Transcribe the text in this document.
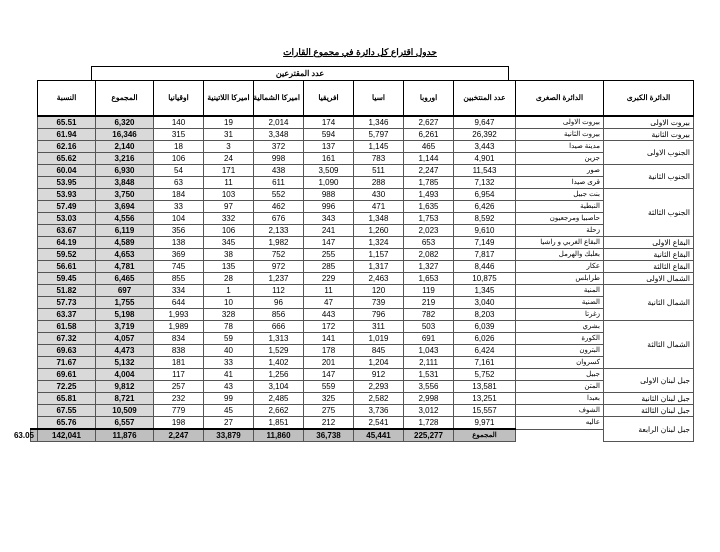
جدول اقتراع كل دائرة في مجموع القارات
عدد المقترعين
الدائرة الكبرى	الدائرة الصغرى	عدد المنتخبين	اوروبا	اسيا	افريقيا	اميركا الشمالية	اميركا اللاتينية	اوقيانيا	المجموع	النسبة	
بيروت الاولى	بيروت الاولى	9,647	2,627	1,346	174	2,014	19	140	6,320	65.51	
بيروت الثانية	بيروت الثانية	26,392	6,261	5,797	594	3,348	31	315	16,346	61.94	
الجنوب الاولى	مدينة صيدا	3,443	465	1,145	137	372	3	18	2,140	62.16	
	جزين	4,901	1,144	783	161	998	24	106	3,216	65.62	
الجنوب الثانية	صور	11,543	2,247	511	3,509	438	171	54	6,930	60.04	
	قرى صيدا	7,132	1,785	288	1,090	611	11	63	3,848	53.95	
الجنوب الثالثة	بنت جبيل	6,954	1,493	430	988	552	103	184	3,750	53.93	
	النبطية	6,426	1,635	471	996	462	97	33	3,694	57.49	
	حاصبيا ومرجعيون	8,592	1,753	1,348	343	676	332	104	4,556	53.03	
	زحلة	9,610	2,023	1,260	241	2,133	106	356	6,119	63.67	
البقاع الاولى	البقاع الغربي و راشيا	7,149	653	1,324	147	1,982	345	138	4,589	64.19	
البقاع الثانية	بعلبك والهرمل	7,817	2,082	1,157	255	752	38	369	4,653	59.52	
البقاع الثالثة	عكار	8,446	1,327	1,317	285	972	135	745	4,781	56.61	
الشمال الاولى	طرابلس	10,875	1,653	2,463	229	1,237	28	855	6,465	59.45	
الشمال الثانية	المنية	1,345	119	120	11	112	1	334	697	51.82	
	الضنية	3,040	219	739	47	96	10	644	1,755	57.73	
	زغرتا	8,203	782	796	443	856	328	1,993	5,198	63.37	
الشمال الثالثة	بشري	6,039	503	311	172	666	78	1,989	3,719	61.58	
	الكورة	6,026	691	1,019	141	1,313	59	834	4,057	67.32	
	البترون	6,424	1,043	845	178	1,529	40	838	4,473	69.63	
	كسروان	7,161	2,111	1,204	201	1,402	33	181	5,132	71.67	
جبل لبنان الاولى	جبيل	5,752	1,531	912	147	1,256	41	117	4,004	69.61	
	المتن	13,581	3,556	2,293	559	3,104	43	257	9,812	72.25	
جبل لبنان الثانية	بعبدا	13,251	2,998	2,582	325	2,485	99	232	8,721	65.81	
جبل لبنان الثالثة	الشوف	15,557	3,012	3,736	275	2,662	45	779	10,509	67.55	
جبل لبنان الرابعة	عاليه	9,971	1,728	2,541	212	1,851	27	198	6,557	65.76	
		المجموع	225,277	45,441	36,738	11,860	33,879	2,247	11,876	142,041	63.05
